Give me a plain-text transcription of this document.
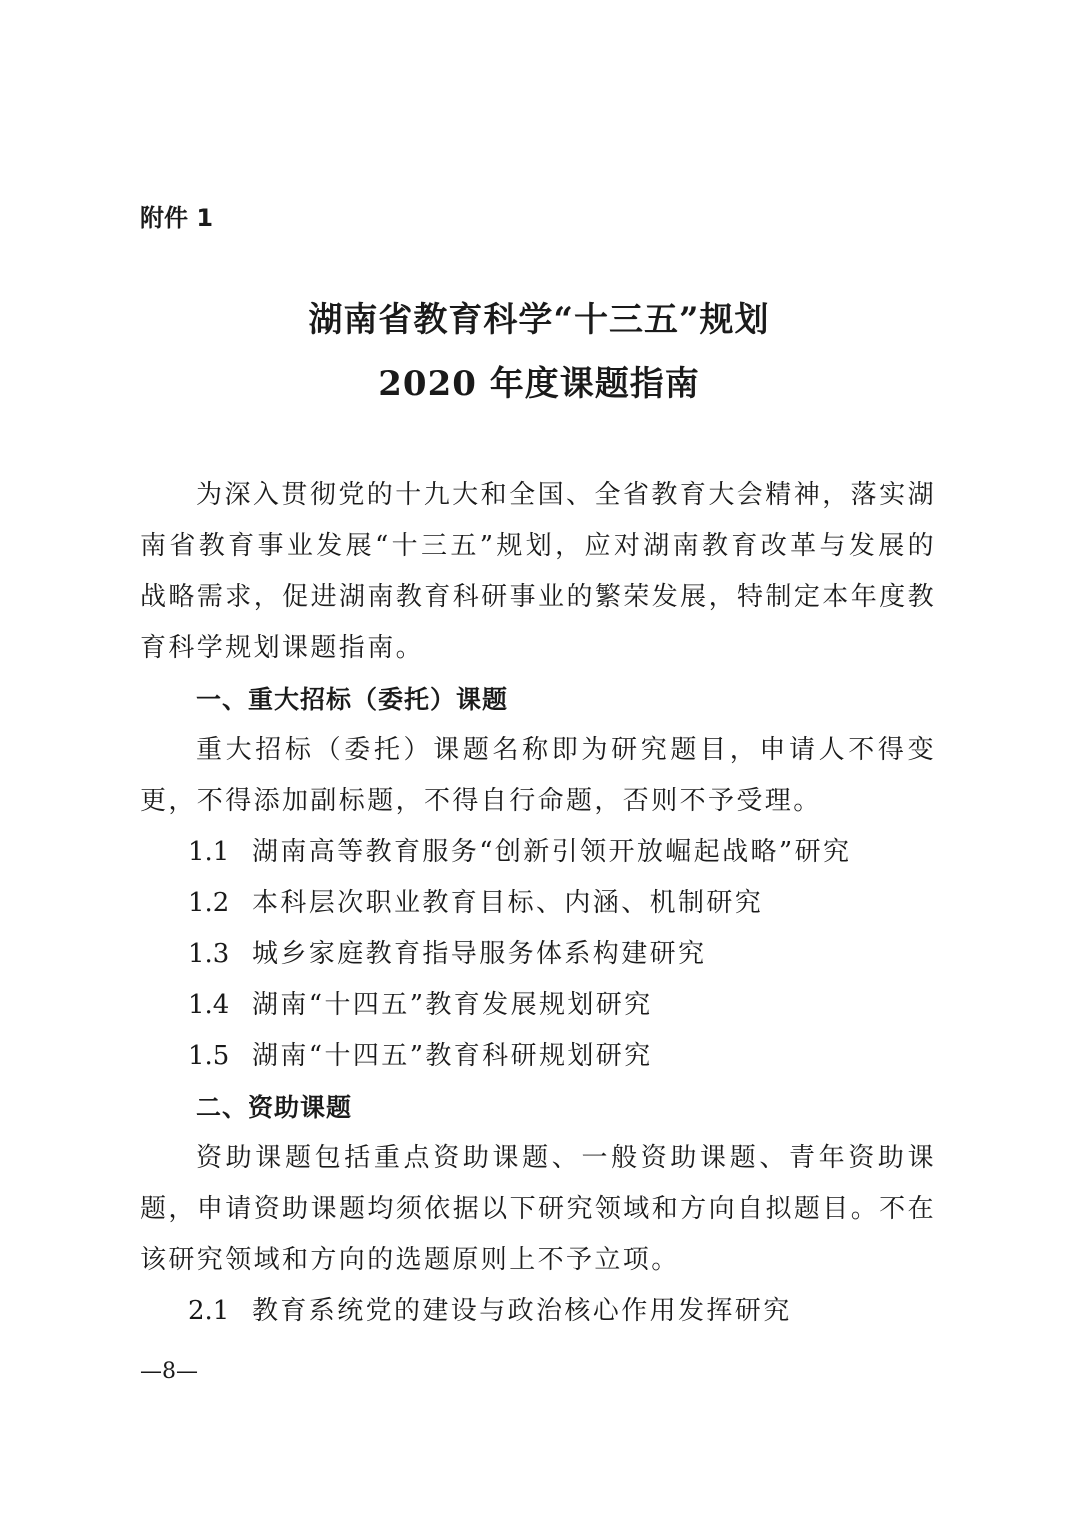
附件 1
湖南省教育科学“十三五”规划
2020 年度课题指南

为深入贯彻党的十九大和全国、全省教育大会精神，落实湖南省教育事业发展“十三五”规划，应对湖南教育改革与发展的战略需求，促进湖南教育科研事业的繁荣发展，特制定本年度教育科学规划课题指南。

一、重大招标（委托）课题

重大招标（委托）课题名称即为研究题目，申请人不得变更，不得添加副标题，不得自行命题，否则不予受理。

1.1 湖南高等教育服务“创新引领开放崛起战略”研究

1.2 本科层次职业教育目标、内涵、机制研究

1.3 城乡家庭教育指导服务体系构建研究

1.4 湖南“十四五”教育发展规划研究

1.5 湖南“十四五”教育科研规划研究

二、资助课题

资助课题包括重点资助课题、一般资助课题、青年资助课题，申请资助课题均须依据以下研究领域和方向自拟题目。不在该研究领域和方向的选题原则上不予立项。

2.1 教育系统党的建设与政治核心作用发挥研究

—8—
